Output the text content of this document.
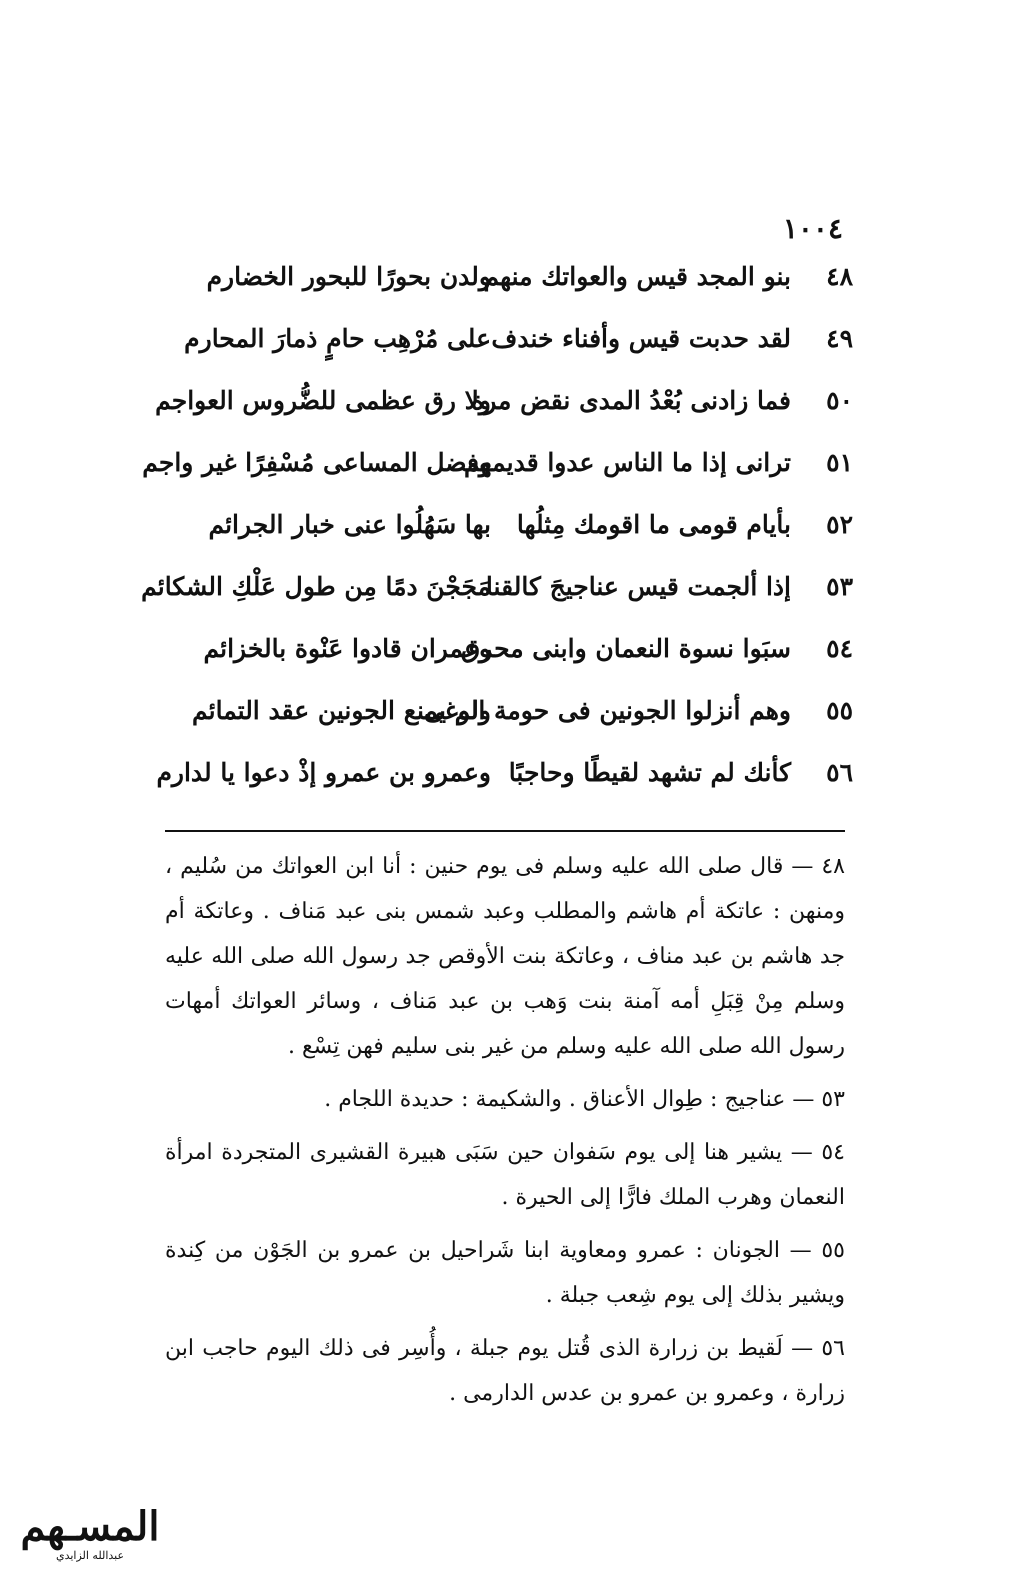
١٠٠٤
٤٨
بنو المجد قيس والعواتك منهم
ولدن بحورًا للبحور الخضارم
٤٩
لقد حدبت قيس وأفناء خندف
على مُرْهِب حامٍ ذمارَ المحارم
٥٠
فما زادنى بُعْدُ المدى نقض مرة
ولا رق عظمى للضُّروس العواجم
٥١
ترانى إذا ما الناس عدوا قديمهم
وفضل المساعى مُسْفِرًا غير واجم
٥٢
بأيام قومى ما اقومك مِثلُها
بها سَهُلُوا عنى خبار الجرائم
٥٣
إذا ألجمت قيس عناجيجَ كالقنا
مَجَجْنَ دمًا مِن طول عَلْكِ الشكائم
٥٤
سبَوا نسوة النعمان وابنى محرق
وعمران قادوا عَنْوة بالخزائم
٥٥
وهم أنزلوا الجونين فى حومة الوغى
ولم يمنع الجونين عقد التمائم
٥٦
كأنك لم تشهد لقيطًا وحاجبًا
وعمرو بن عمرو إذْ دعوا يا لدارم

٤٨ — قال صلى الله عليه وسلم فى يوم حنين : أنا ابن العواتك من سُليم ، ومنهن : عاتكة أم هاشم والمطلب وعبد شمس بنى عبد مَناف . وعاتكة أم جد هاشم بن عبد مناف ، وعاتكة بنت الأوقص جد رسول الله صلى الله عليه وسلم مِنْ قِبَلِ أمه آمنة بنت وَهب بن عبد مَناف ، وسائر العواتك أمهات رسول الله صلى الله عليه وسلم من غير بنى سليم فهن تِسْع .

٥٣ — عناجيج : طِوال الأعناق . والشكيمة : حديدة اللجام .

٥٤ — يشير هنا إلى يوم سَفوان حين سَبَى هبيرة القشيرى المتجردة امرأة النعمان وهرب الملك فارًّا إلى الحيرة .

٥٥ — الجونان : عمرو ومعاوية ابنا شَراحيل بن عمرو بن الجَوْن من كِندة ويشير بذلك إلى يوم شِعب جبلة .

٥٦ — لَقيط بن زرارة الذى قُتل يوم جبلة ، وأُسِر فى ذلك اليوم حاجب ابن زرارة ، وعمرو بن عمرو بن عدس الدارمى .

المسـهم
عبدالله الزايدي
